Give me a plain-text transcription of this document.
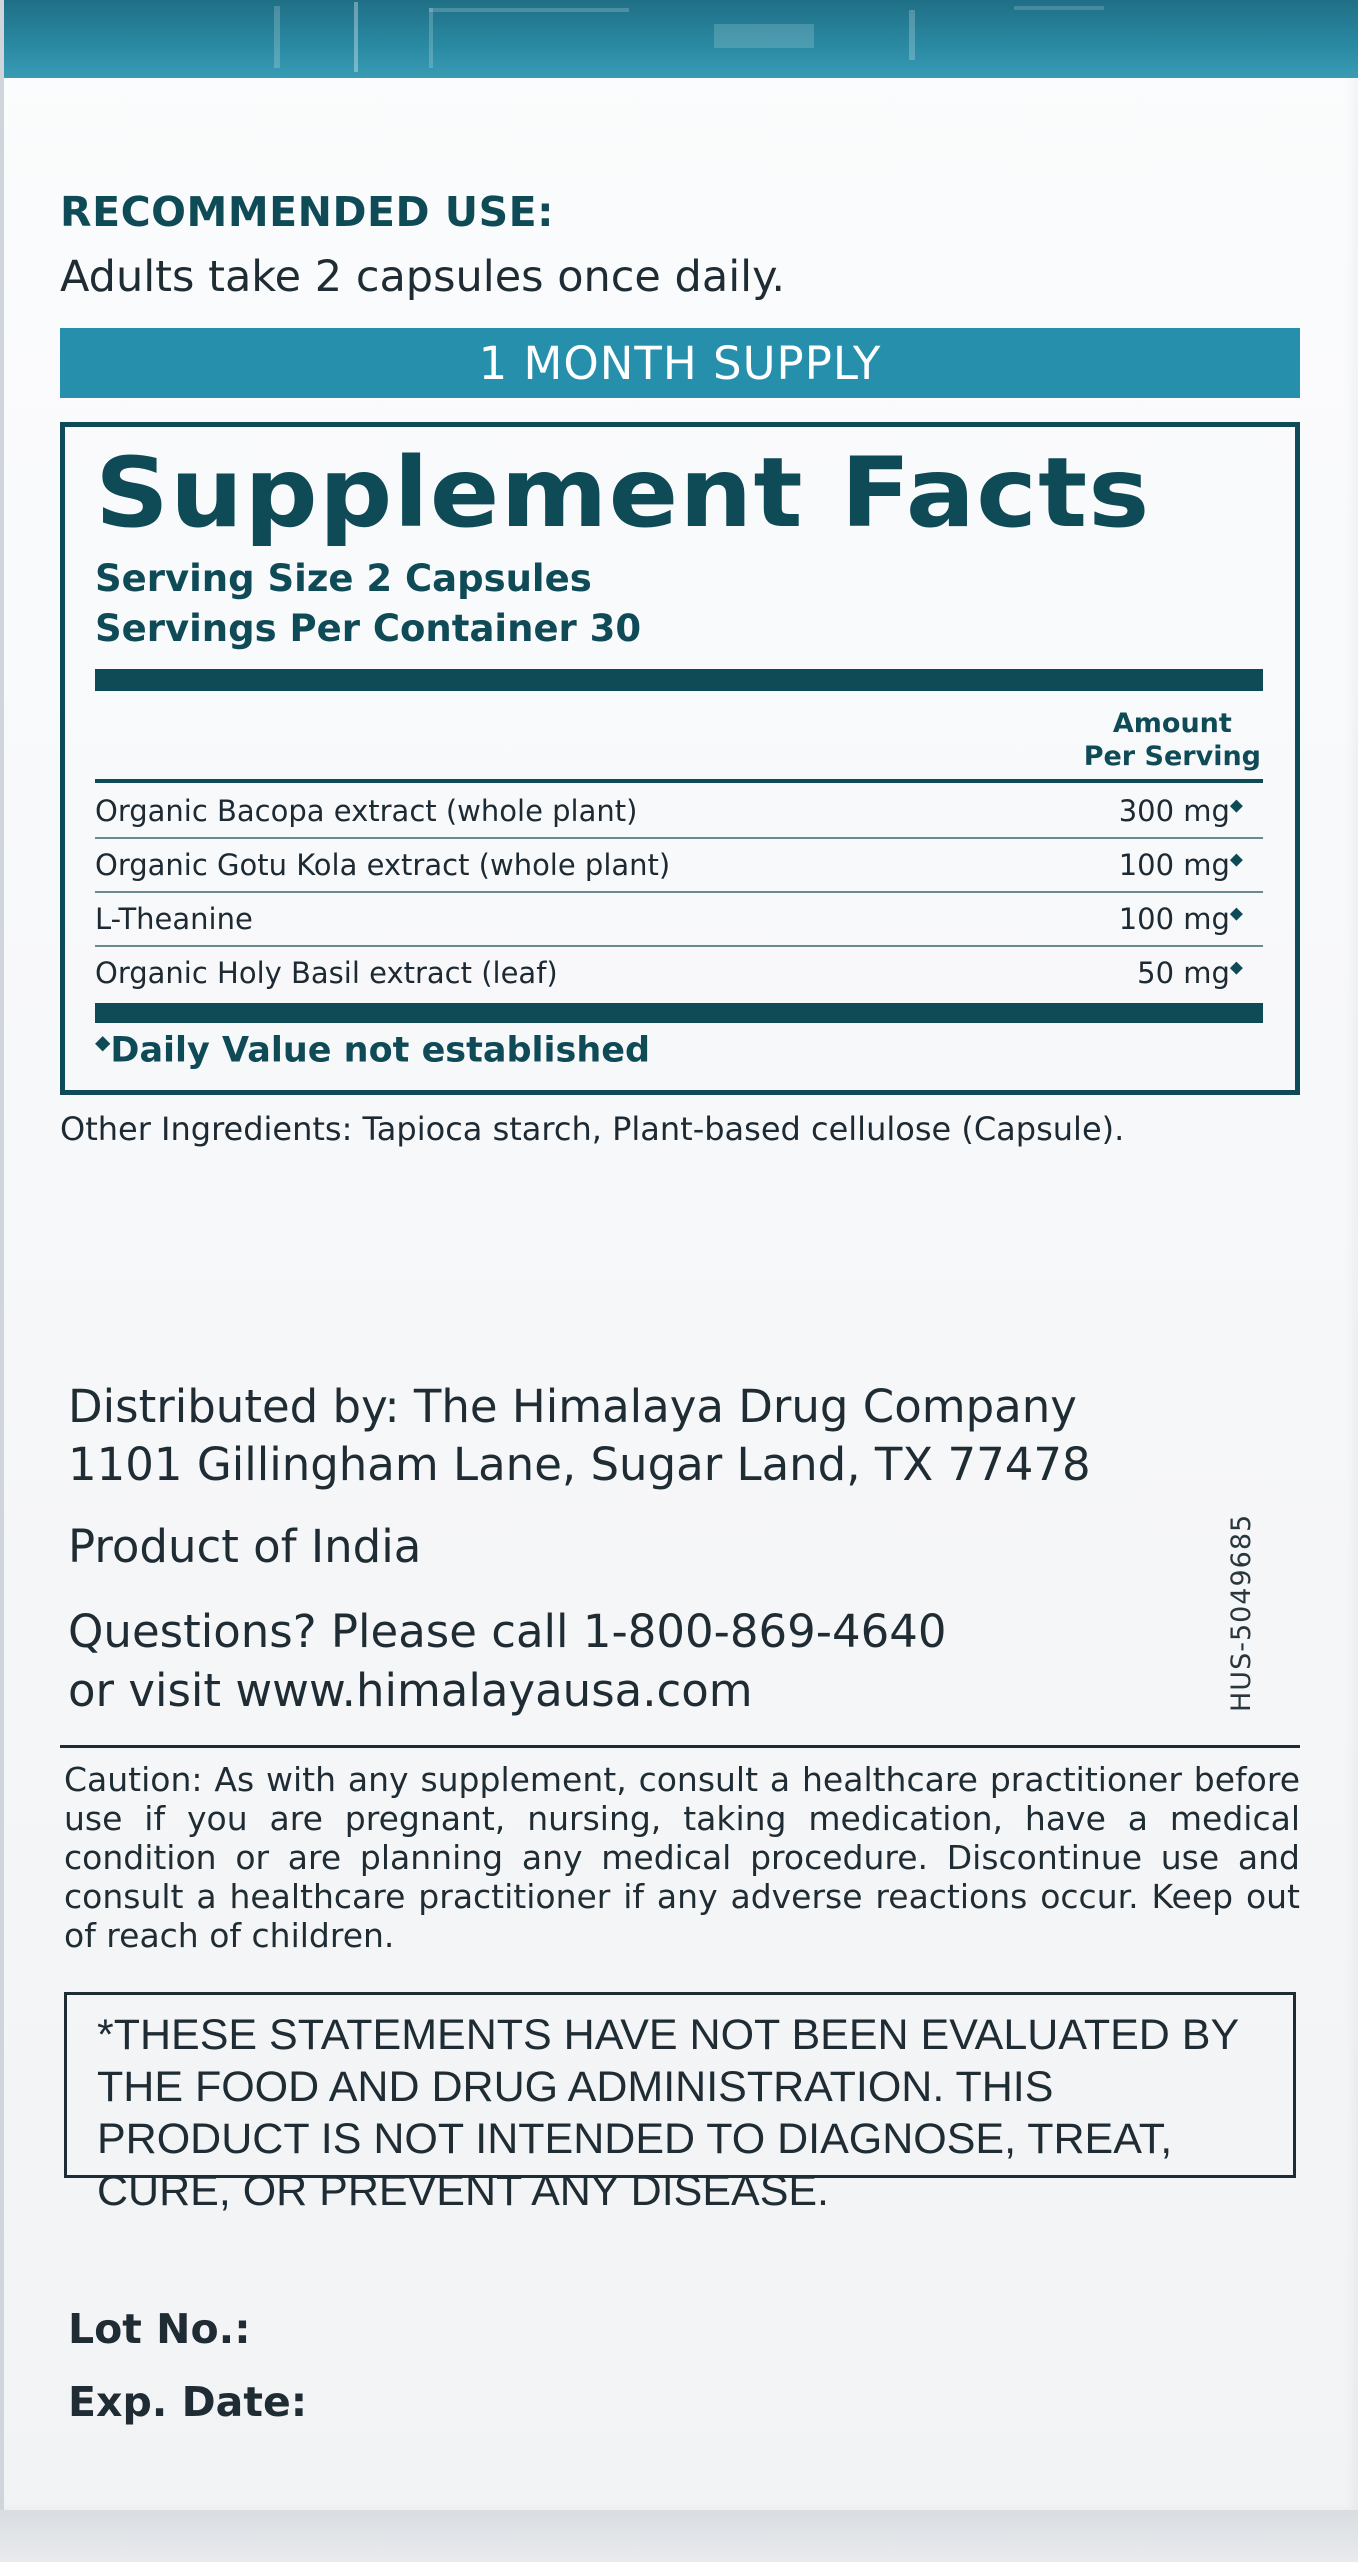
RECOMMENDED USE:
Adults take 2 capsules once daily.
1 MONTH SUPPLY
Supplement Facts
Serving Size 2 Capsules
Servings Per Container 30
Amount
Per Serving
Organic Bacopa extract (whole plant)	300 mg◆
Organic Gotu Kola extract (whole plant)	100 mg◆
L-Theanine	100 mg◆
Organic Holy Basil extract (leaf)	50 mg◆
◆Daily Value not established
Other Ingredients: Tapioca starch, Plant-based cellulose (Capsule).
Distributed by: The Himalaya Drug Company
1101 Gillingham Lane, Sugar Land, TX 77478
Product of India
Questions? Please call 1-800-869-4640
or visit www.himalayausa.com	HUS-5049685
Caution: As with any supplement, consult a healthcare practitioner before use if you are pregnant, nursing, taking medication, have a medical condition or are planning any medical procedure. Discontinue use and consult a healthcare practitioner if any adverse reactions occur. Keep out of reach of children.
*THESE STATEMENTS HAVE NOT BEEN EVALUATED BY THE FOOD AND DRUG ADMINISTRATION. THIS PRODUCT IS NOT INTENDED TO DIAGNOSE, TREAT, CURE, OR PREVENT ANY DISEASE.
Lot No.:
Exp. Date:
